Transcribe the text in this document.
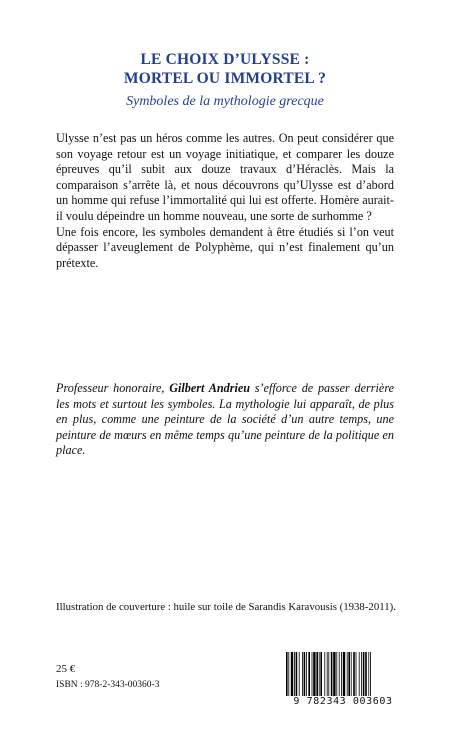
LE CHOIX D’ULYSSE :
MORTEL OU IMMORTEL ?
Symboles de la mythologie grecque

Ulysse n’est pas un héros comme les autres. On peut considérer que son voyage retour est un voyage initiatique, et comparer les douze épreuves qu’il subit aux douze travaux d’Héraclès. Mais la comparaison s’arrête là, et nous découvrons qu’Ulysse est d’abord un homme qui refuse l’immortalité qui lui est offerte. Homère aurait-il voulu dépeindre un homme nouveau, une sorte de surhomme ?

Une fois encore, les symboles demandent à être étudiés si l’on veut dépasser l’aveuglement de Polyphème, qui n’est finalement qu’un prétexte.

Professeur honoraire, Gilbert Andrieu s’efforce de passer derrière les mots et surtout les symboles. La mythologie lui apparaît, de plus en plus, comme une peinture de la société d’un autre temps, une peinture de mœurs en même temps qu’une peinture de la politique en place.

Illustration de couverture : huile sur toile de Sarandis Karavousis (1938-2011).
25 €
ISBN : 978-2-343-00360-3
9 782343 003603
